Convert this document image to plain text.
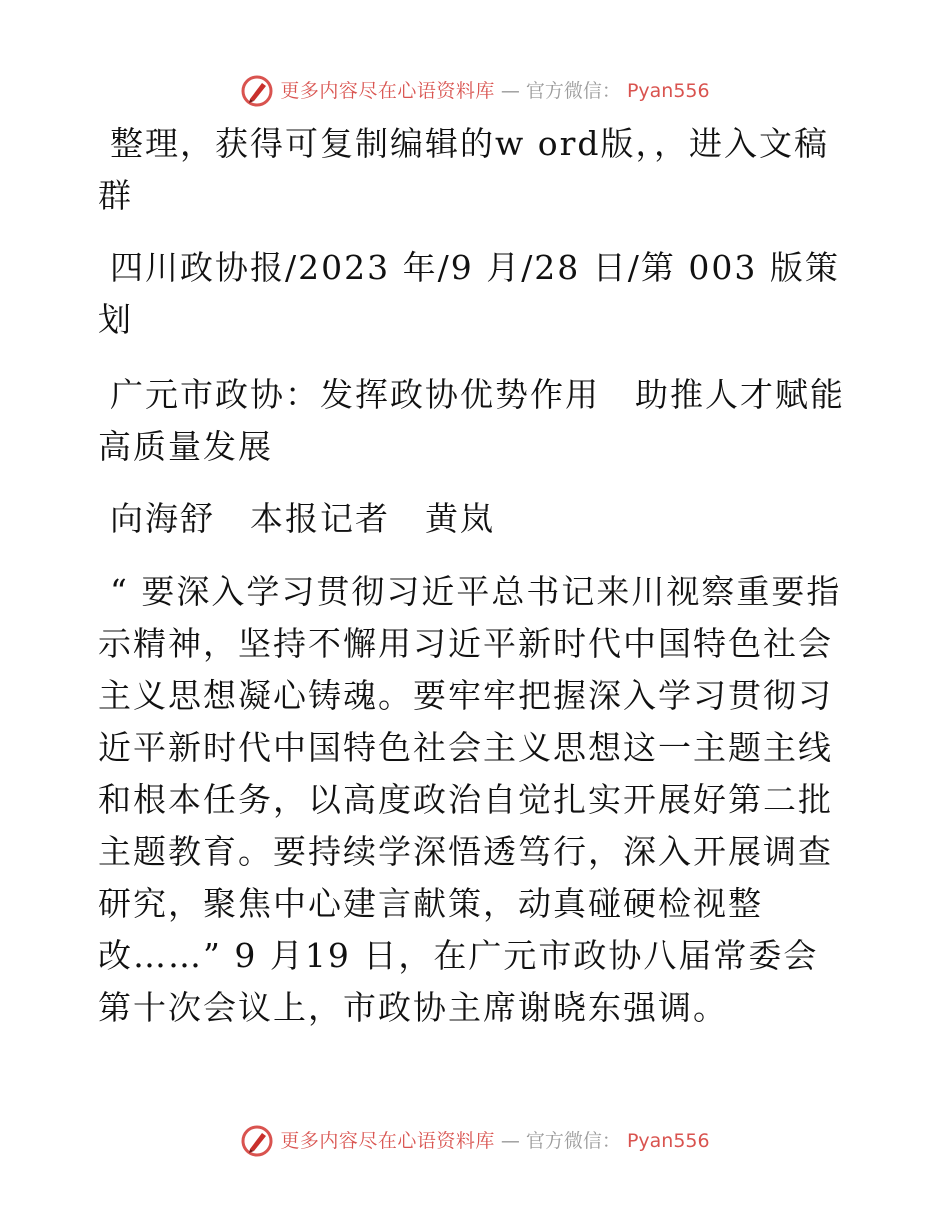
更多内容尽在心语资料库 — 官方微信： Pyan556

整理，获得可复制编辑的w ord版，，进入文稿群

四川政协报/2023 年/9 月/28 日/第 003 版策划

广元市政协：发挥政协优势作用　助推人才赋能高质量发展

向海舒　本报记者　黄岚

“ 要深入学习贯彻习近平总书记来川视察重要指示精神，坚持不懈用习近平新时代中国特色社会主义思想凝心铸魂。要牢牢把握深入学习贯彻习近平新时代中国特色社会主义思想这一主题主线和根本任务，以高度政治自觉扎实开展好第二批主题教育。要持续学深悟透笃行，深入开展调查研究，聚焦中心建言献策，动真碰硬检视整改……” 9 月19 日，在广元市政协八届常委会第十次会议上，市政协主席谢晓东强调。

更多内容尽在心语资料库 — 官方微信： Pyan556
